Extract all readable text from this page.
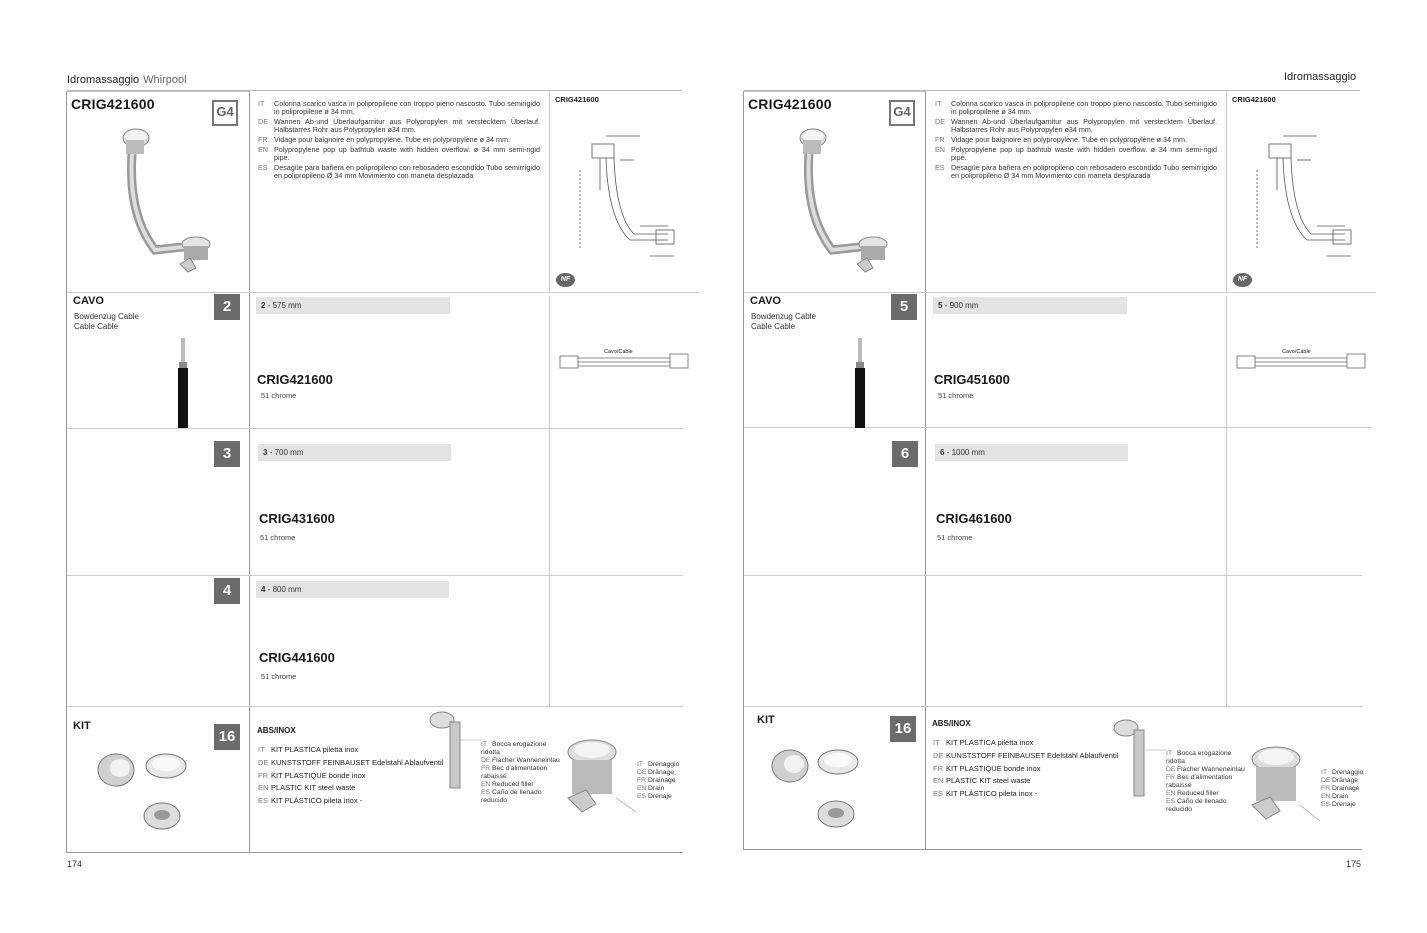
Idromassaggio Whirpool
CRIG421600	G4
IT	Colonna scarico vasca in polipropilene con troppo pieno nascosto. Tubo semirigido in polipropilene ø 34 mm.
DE Wannen Ab-und Überlaufgarnitur aus Polypropylen mit verstecktem Überlauf. Halbstarres Rohr aus Polypropylen ø34 mm.
FR Vidage pour baignoire en polypropylène. Tube en polypropylène ø 34 mm.
EN Polypropylene pop up bathtub waste with hidden overflow. ø 34 mm semi-rigid pipe.
ES Desagüe para bañera en polipropileno con rebosadero escondido Tubo semirrígido en polipropileno Ø 34 mm Movimiento con maneta desplazada
CRIG421600
NF
CAVO
Bowdenzug Cable
Cable Cable
2	2 - 575 mm
CRIG421600
51 chrome
Cavo/Cable
3	3 - 700 mm
CRIG431600
51 chrome
4	4 - 800 mm
CRIG441600
51 chrome
KIT
16	ABS/INOX
IT KIT PLASTICA piletta inox
DE KUNSTSTOFF FEINBAUSET Edelstahl Ablaufventil
FR KIT PLASTIQUE bonde inox
EN PLASTIC KIT steel waste
ES KIT PLÁSTICO pileta inox -
IT Bocca erogazione ridotta
DE Flacher Wanneneinlau
FR Bec d'alimentation rabaissé
EN Reduced filler
ES Caño de llenado reducido
IT Drenaggio
DE Dränage
FR Drainage
EN Drain
ES Drenaje
174
Idromassaggio
CRIG421600	G4
IT	Colonna scarico vasca in polipropilene con troppo pieno nascosto. Tubo semirigido in polipropilene ø 34 mm.
DE Wannen Ab-und Überlaufgarnitur aus Polypropylen mit verstecktem Überlauf. Halbstarres Rohr aus Polypropylen ø34 mm.
FR Vidage pour baignoire en polypropylène. Tube en polypropylène ø 34 mm.
EN Polypropylene pop up bathtub waste with hidden overflow. ø 34 mm semi-rigid pipe.
ES Desagüe para bañera en polipropileno con rebosadero escondido Tubo semirrígido en polipropileno Ø 34 mm Movimiento con maneta desplazada
CRIG421600
NF
CAVO
Bowdenzug Cable
Cable Cable
5	5 - 900 mm
CRIG451600
51 chrome
Cavo/Cable
6	6 - 1000 mm
CRIG461600
51 chrome
KIT	16	ABS/INOX
IT KIT PLASTICA piletta inox
DE KUNSTSTOFF FEINBAUSET Edelstahl Ablaufventil
FR KIT PLASTIQUE bonde inox
EN PLASTIC KIT steel waste
ES KIT PLÁSTICO pileta inox -
IT Bocca erogazione ridotta
DE Flacher Wanneneinlau
FR Bec d'alimentation rabaissé
EN Reduced filler
ES Caño de llenado reducido
IT Drenaggio
DE Dränage
FR Drainage
EN Drain
ES Drenaje
175
